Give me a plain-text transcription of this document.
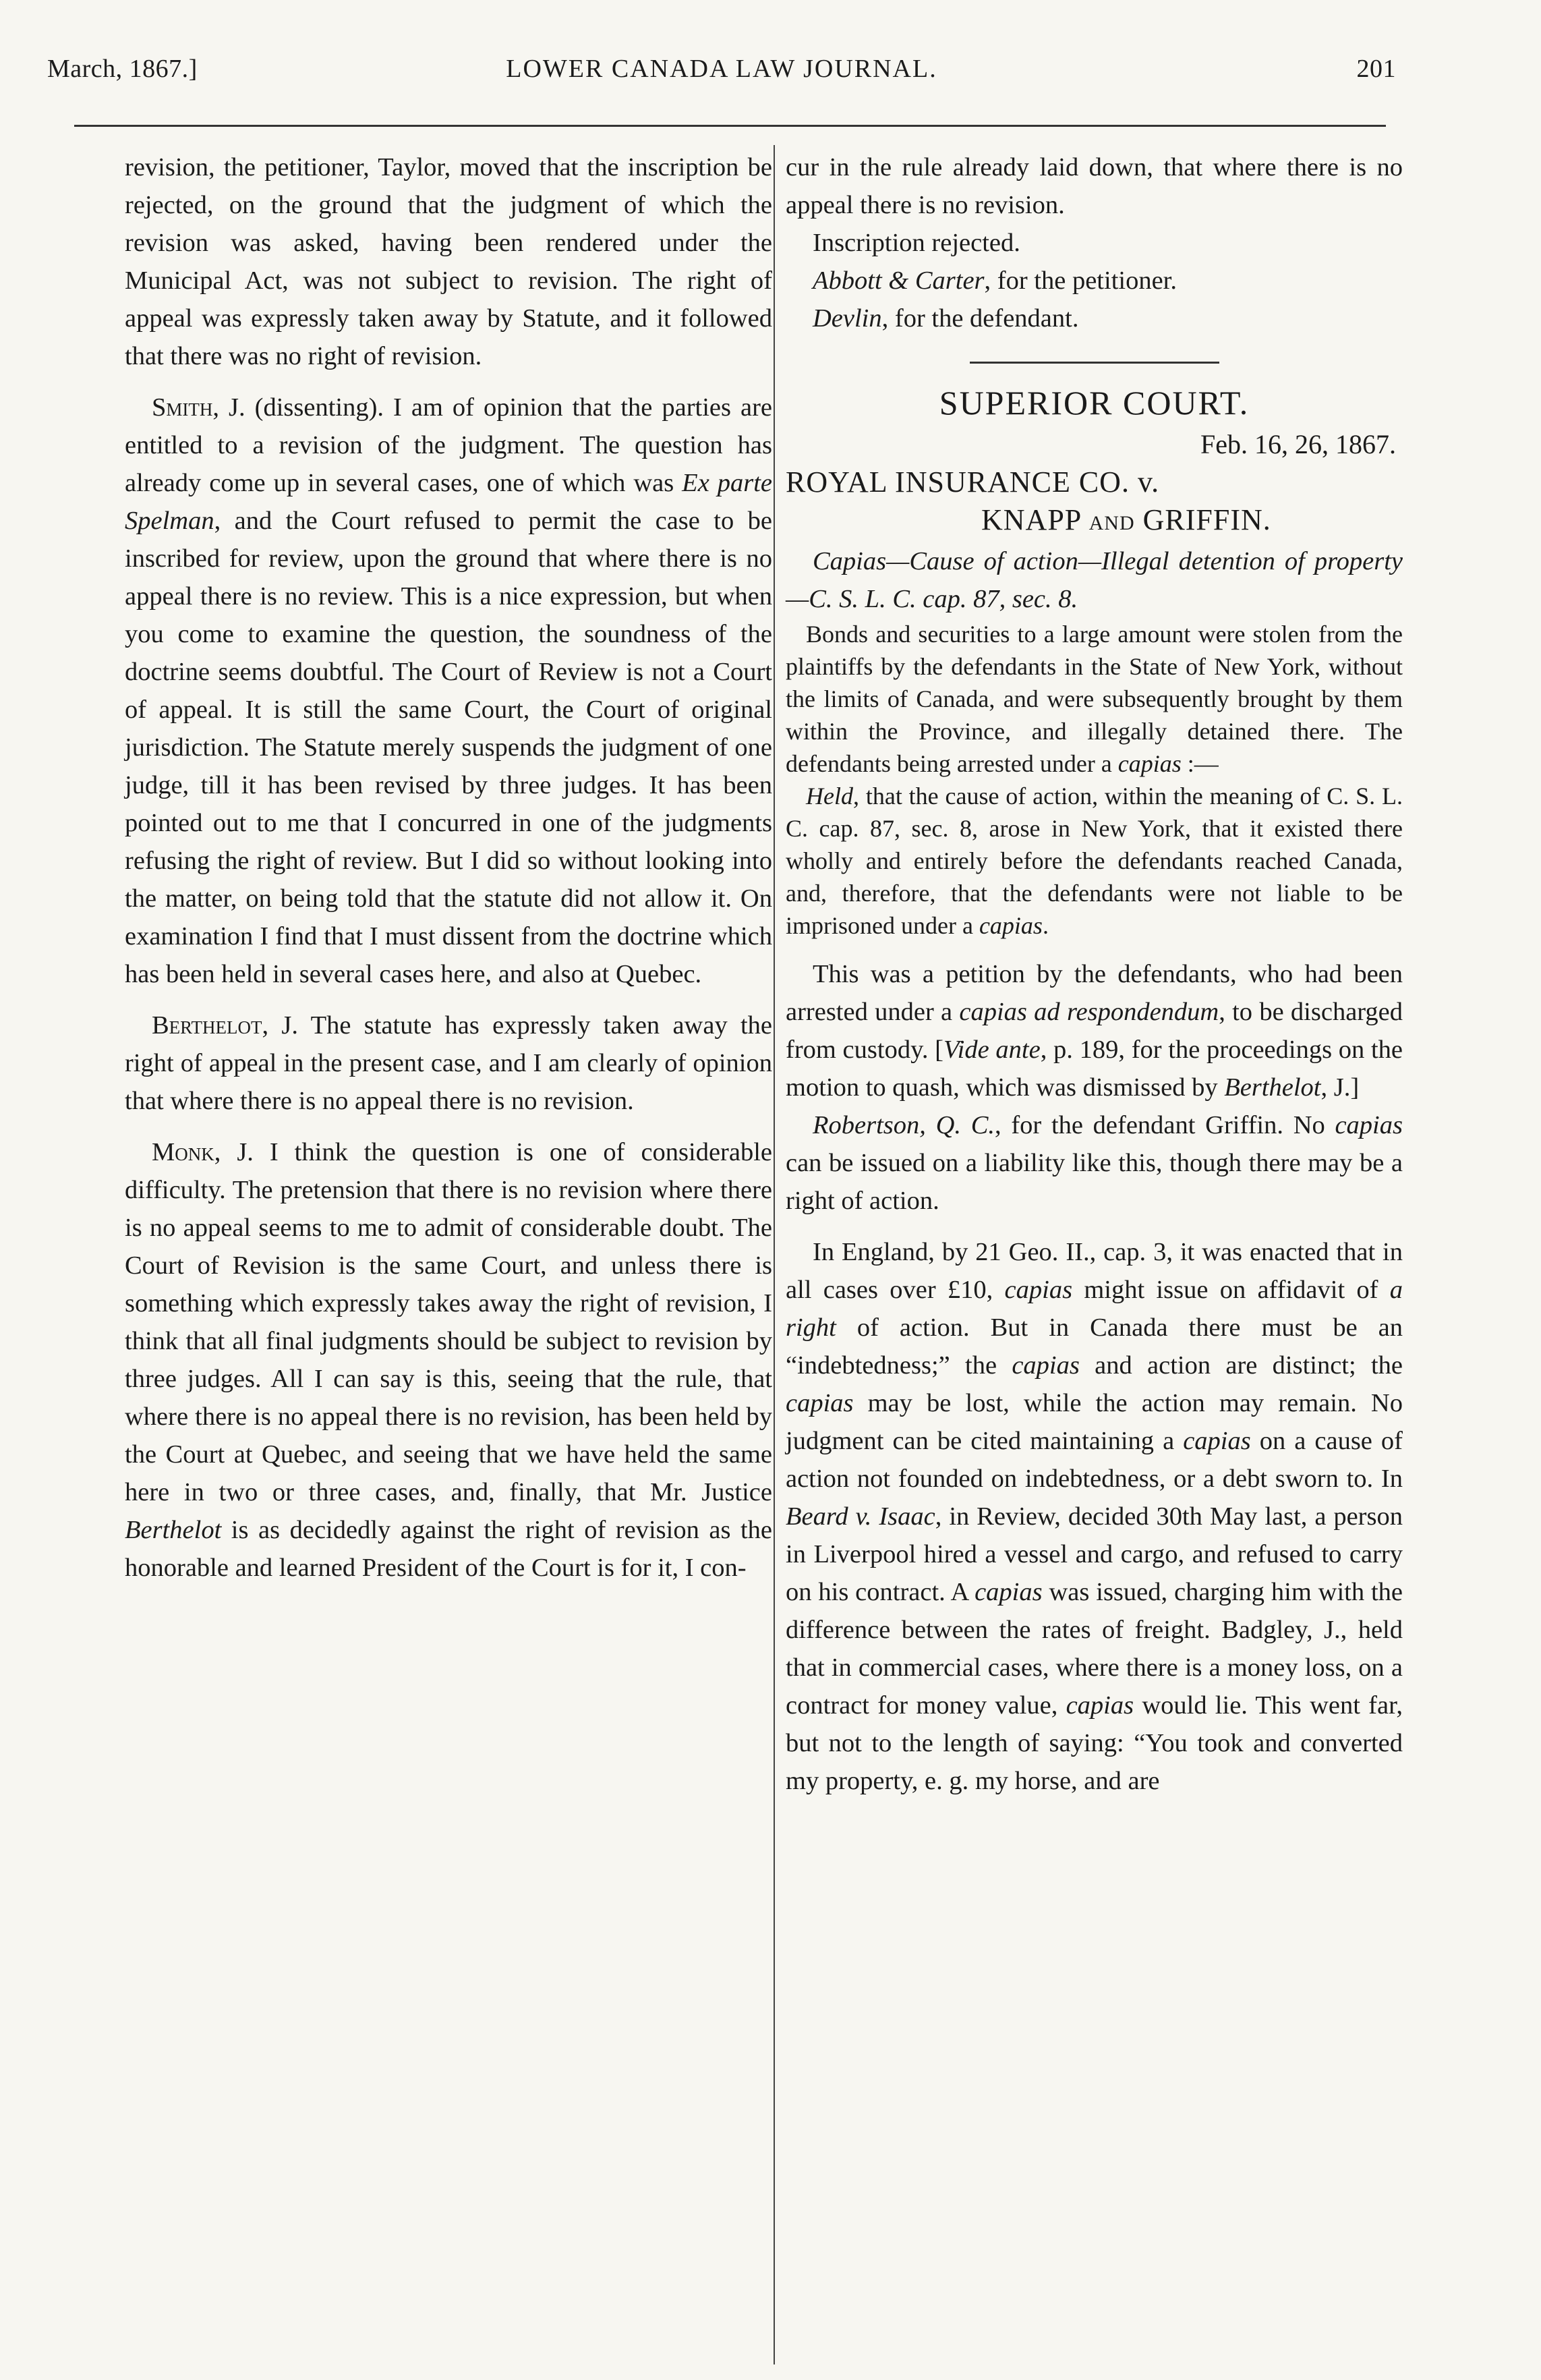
March, 1867.]	LOWER CANADA LAW JOURNAL.	201

revision, the petitioner, Taylor, moved that the inscription be rejected, on the ground that the judgment of which the revision was asked, having been rendered under the Municipal Act, was not subject to revision. The right of appeal was expressly taken away by Statute, and it followed that there was no right of revision.

Smith, J. (dissenting). I am of opinion that the parties are entitled to a revision of the judgment. The question has already come up in several cases, one of which was Ex parte Spelman, and the Court refused to permit the case to be inscribed for review, upon the ground that where there is no appeal there is no review. This is a nice expression, but when you come to examine the question, the soundness of the doctrine seems doubtful. The Court of Review is not a Court of appeal. It is still the same Court, the Court of original jurisdiction. The Statute merely suspends the judgment of one judge, till it has been revised by three judges. It has been pointed out to me that I concurred in one of the judgments refusing the right of review. But I did so without looking into the matter, on being told that the statute did not allow it. On examination I find that I must dissent from the doctrine which has been held in several cases here, and also at Quebec.

Berthelot, J. The statute has expressly taken away the right of appeal in the present case, and I am clearly of opinion that where there is no appeal there is no revision.

Monk, J. I think the question is one of considerable difficulty. The pretension that there is no revision where there is no appeal seems to me to admit of considerable doubt. The Court of Revision is the same Court, and unless there is something which expressly takes away the right of revision, I think that all final judgments should be subject to revision by three judges. All I can say is this, seeing that the rule, that where there is no appeal there is no revision, has been held by the Court at Quebec, and seeing that we have held the same here in two or three cases, and, finally, that Mr. Justice Berthelot is as decidedly against the right of revision as the honorable and learned President of the Court is for it, I con-

cur in the rule already laid down, that where there is no appeal there is no revision.

Inscription rejected.

Abbott & Carter, for the petitioner.

Devlin, for the defendant.

SUPERIOR COURT.
Feb. 16, 26, 1867.
ROYAL INSURANCE CO. v.
KNAPP AND GRIFFIN.

Capias—Cause of action—Illegal detention of property—C. S. L. C. cap. 87, sec. 8.

Bonds and securities to a large amount were stolen from the plaintiffs by the defendants in the State of New York, without the limits of Canada, and were subsequently brought by them within the Province, and illegally detained there. The defendants being arrested under a capias :—

Held, that the cause of action, within the meaning of C. S. L. C. cap. 87, sec. 8, arose in New York, that it existed there wholly and entirely before the defendants reached Canada, and, therefore, that the defendants were not liable to be imprisoned under a capias.

This was a petition by the defendants, who had been arrested under a capias ad respondendum, to be discharged from custody. [Vide ante, p. 189, for the proceedings on the motion to quash, which was dismissed by Berthelot, J.]

Robertson, Q. C., for the defendant Griffin. No capias can be issued on a liability like this, though there may be a right of action.

In England, by 21 Geo. II., cap. 3, it was enacted that in all cases over £10, capias might issue on affidavit of a right of action. But in Canada there must be an “indebtedness;” the capias and action are distinct; the capias may be lost, while the action may remain. No judgment can be cited maintaining a capias on a cause of action not founded on indebtedness, or a debt sworn to. In Beard v. Isaac, in Review, decided 30th May last, a person in Liverpool hired a vessel and cargo, and refused to carry on his contract. A capias was issued, charging him with the difference between the rates of freight. Badgley, J., held that in commercial cases, where there is a money loss, on a contract for money value, capias would lie. This went far, but not to the length of saying: “You took and converted my property, e. g. my horse, and are
